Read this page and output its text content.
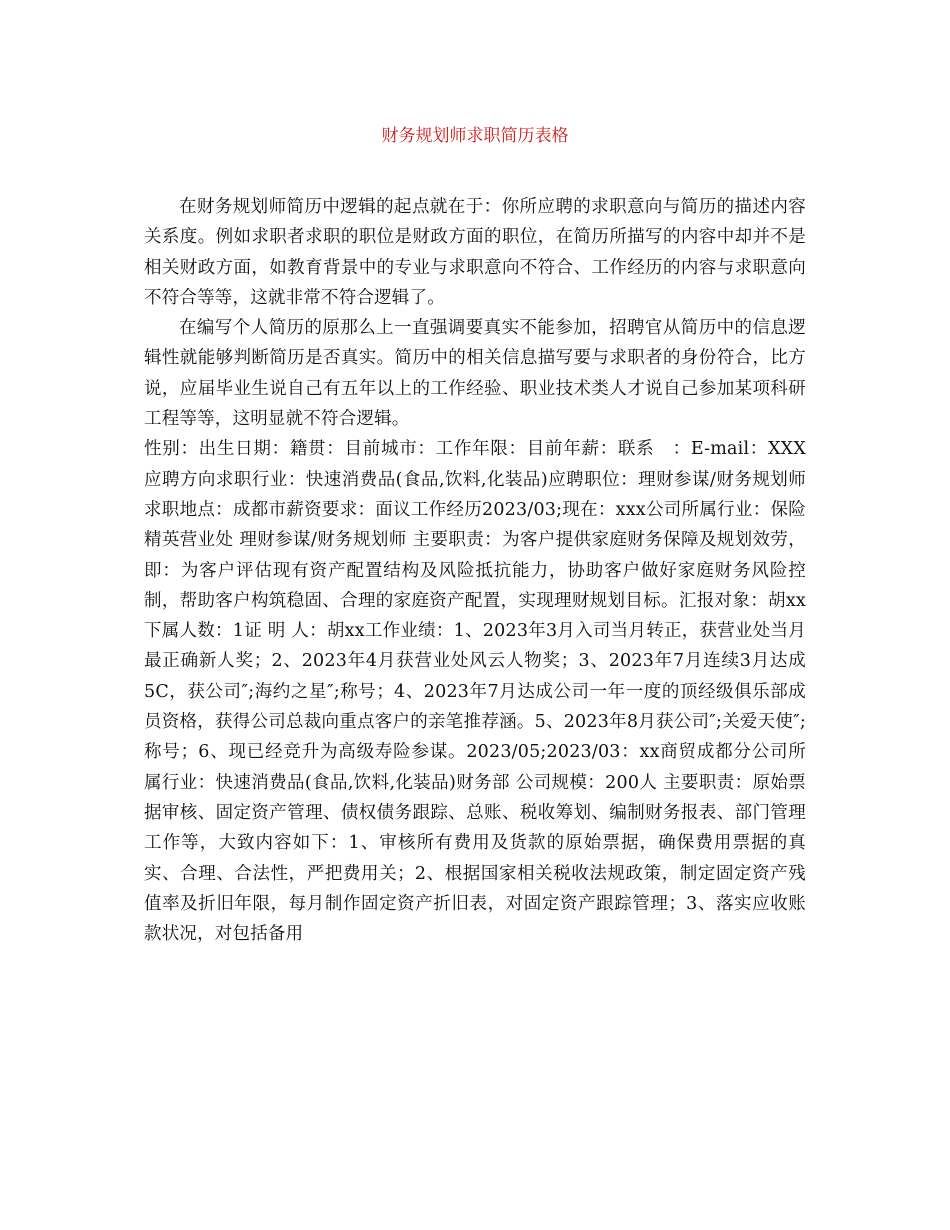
财务规划师求职简历表格

在财务规划师简历中逻辑的起点就在于：你所应聘的求职意向与简历的描述内容关系度。例如求职者求职的职位是财政方面的职位，在简历所描写的内容中却并不是相关财政方面，如教育背景中的专业与求职意向不符合、工作经历的内容与求职意向不符合等等，这就非常不符合逻辑了。

在编写个人简历的原那么上一直强调要真实不能参加，招聘官从简历中的信息逻辑性就能够判断简历是否真实。简历中的相关信息描写要与求职者的身份符合，比方说，应届毕业生说自己有五年以上的工作经验、职业技术类人才说自己参加某项科研工程等等，这明显就不符合逻辑。

性别：出生日期：籍贯：目前城市：工作年限：目前年薪：联系　：E-mail：XXX　　应聘方向求职行业：快速消费品(食品,饮料,化装品)应聘职位：理财参谋/财务规划师求职地点：成都市薪资要求：面议工作经历2023/03;现在：xxx公司所属行业：保险精英营业处 理财参谋/财务规划师 主要职责：为客户提供家庭财务保障及规划效劳，即：为客户评估现有资产配置结构及风险抵抗能力，协助客户做好家庭财务风险控制，帮助客户构筑稳固、合理的家庭资产配置，实现理财规划目标。汇报对象：胡xx下属人数：1证 明 人：胡xx工作业绩：1、2023年3月入司当月转正，获营业处当月最正确新人奖；2、2023年4月获营业处风云人物奖；3、2023年7月连续3月达成5C，获公司″;海约之星″;称号；4、2023年7月达成公司一年一度的顶经级俱乐部成员资格，获得公司总裁向重点客户的亲笔推荐涵。5、2023年8月获公司″;关爱天使″;称号；6、现已经竞升为高级寿险参谋。2023/05;2023/03：xx商贸成都分公司所属行业：快速消费品(食品,饮料,化装品)财务部 公司规模：200人 主要职责：原始票据审核、固定资产管理、债权债务跟踪、总账、税收筹划、编制财务报表、部门管理工作等，大致内容如下：1、审核所有费用及货款的原始票据，确保费用票据的真实、合理、合法性，严把费用关；2、根据国家相关税收法规政策，制定固定资产残值率及折旧年限，每月制作固定资产折旧表，对固定资产跟踪管理；3、落实应收账款状况，对包括备用
